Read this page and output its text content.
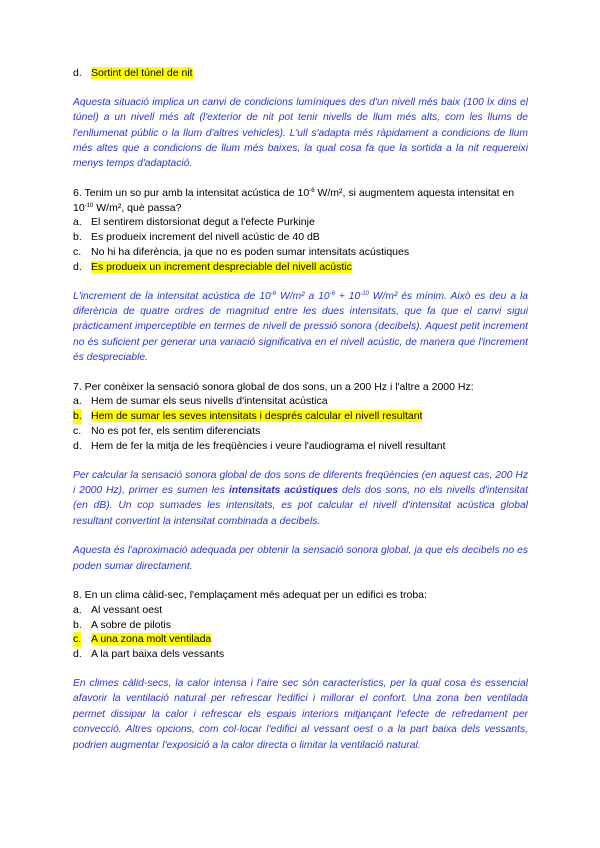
d. Sortint del túnel de nit

Aquesta situació implica un canvi de condicions lumíniques des d'un nivell més baix (100 lx dins el túnel) a un nivell més alt (l'exterior de nit pot tenir nivells de llum més alts, com les llums de l'enllumenat públic o la llum d'altres vehicles). L'ull s'adapta més ràpidament a condicions de llum més altes que a condicions de llum més baixes, la qual cosa fa que la sortida a la nit requereixi menys temps d'adaptació.

6. Tenim un so pur amb la intensitat acústica de $10^{-6}$ W/m², si augmentem aquesta intensitat en $10^{-10}$ W/m², què passa?

a. El sentirem distorsionat degut a l'efecte Purkinje
b. Es produeix increment del nivell acústic de 40 dB
c. No hi ha diferència, ja que no es poden sumar intensitats acústiques
d. Es produeix un increment despreciable del nivell acústic

L'increment de la intensitat acústica de $10^{-6}$ W/m² a $10^{-6} + 10^{-10}$ W/m² és mínim. Això es deu a la diferència de quatre ordres de magnitud entre les dues intensitats, que fa que el canvi sigui pràcticament imperceptible en termes de nivell de pressió sonora (decibels). Aquest petit increment no és suficient per generar una variació significativa en el nivell acústic, de manera que l'increment és despreciable.

7. Per conèixer la sensació sonora global de dos sons, un a 200 Hz i l'altre a 2000 Hz:

a. Hem de sumar els seus nivells d'intensitat acústica
b. Hem de sumar les seves intensitats i després calcular el nivell resultant
c. No es pot fer, els sentim diferenciats
d. Hem de fer la mitja de les freqüències i veure l'audiograma el nivell resultant

Per calcular la sensació sonora global de dos sons de diferents freqüències (en aquest cas, 200 Hz i 2000 Hz), primer es sumen les intensitats acústiques dels dos sons, no els nivells d'intensitat (en dB). Un cop sumades les intensitats, es pot calcular el nivell d'intensitat acústica global resultant convertint la intensitat combinada a decibels.

Aquesta és l'aproximació adequada per obtenir la sensació sonora global, ja que els decibels no es poden sumar directament.

8. En un clima càlid-sec, l'emplaçament més adequat per un edifici es troba:

a. Al vessant oest
b. A sobre de pilotis
c. A una zona molt ventilada
d. A la part baixa dels vessants

En climes càlid-secs, la calor intensa i l'aire sec són característics, per la qual cosa és essencial afavorir la ventilació natural per refrescar l'edifici i millorar el confort. Una zona ben ventilada permet dissipar la calor i refrescar els espais interiors mitjançant l'efecte de refredament per convecció. Altres opcions, com col·locar l'edifici al vessant oest o a la part baixa dels vessants, podrien augmentar l'exposició a la calor directa o limitar la ventilació natural.
